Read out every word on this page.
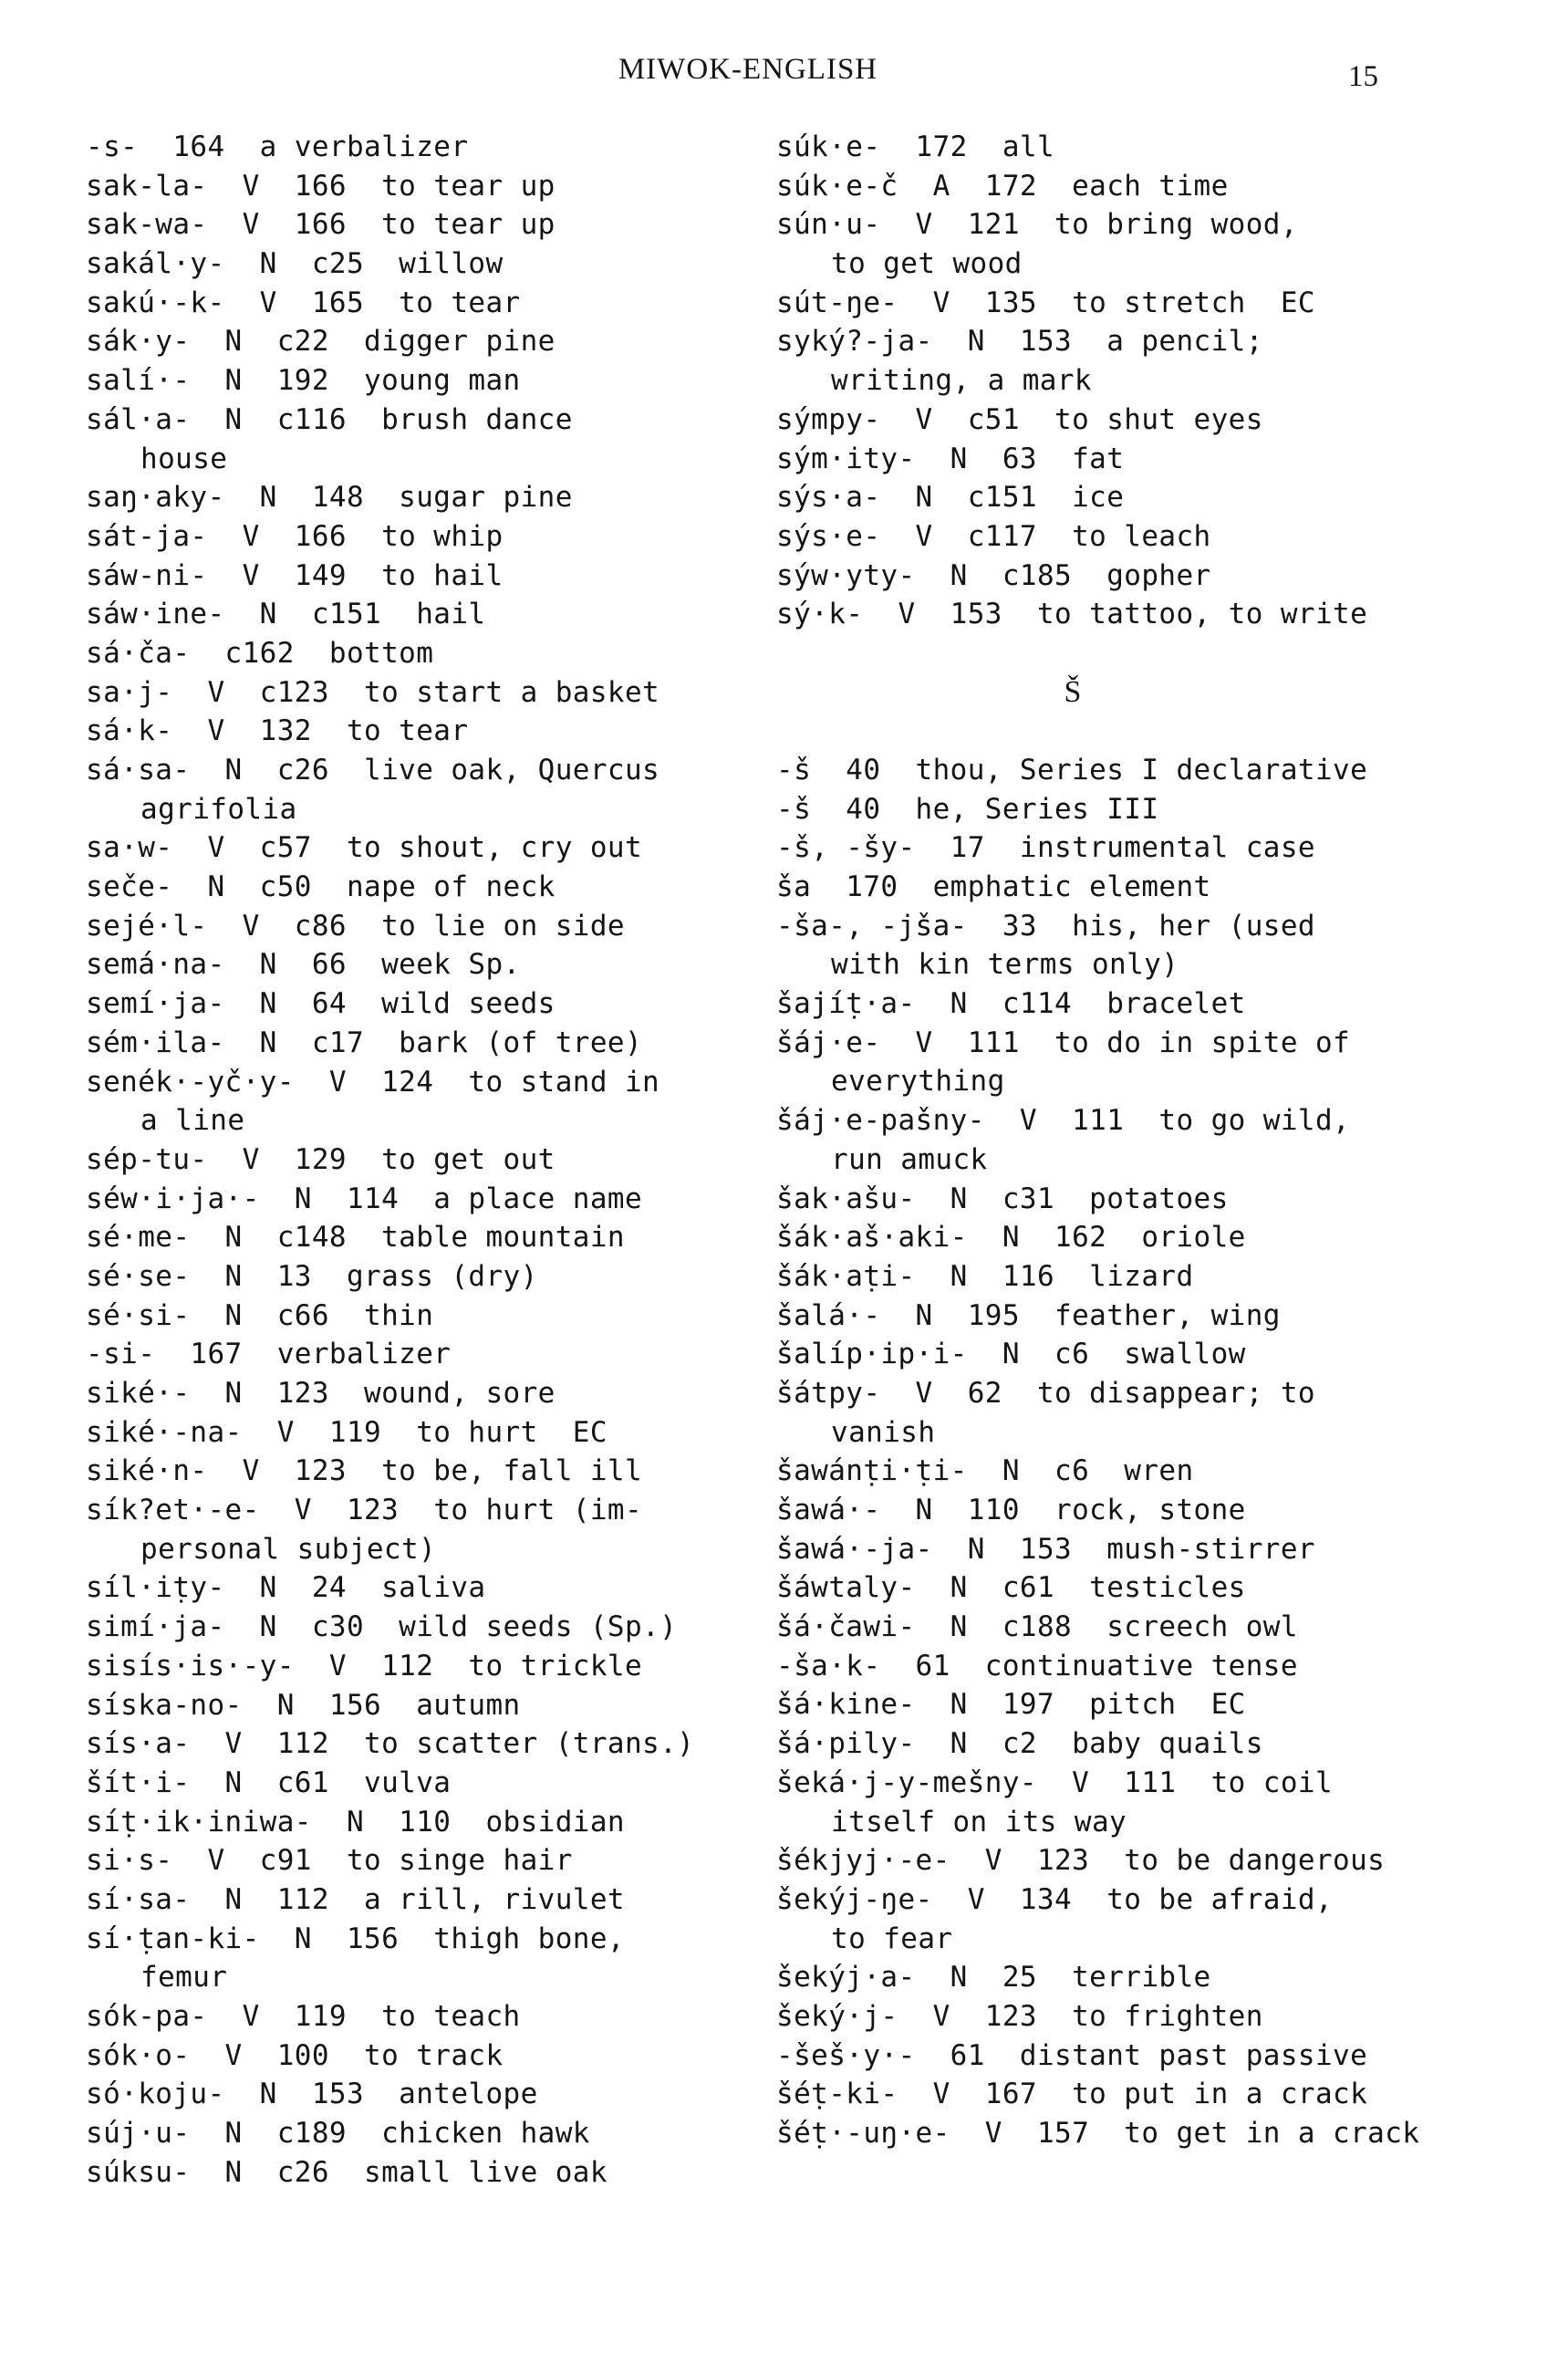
MIWOK-ENGLISH	15
-s-  164  a verbalizer
sak-la-  V  166  to tear up
sak-wa-  V  166  to tear up
sakál·y-  N  c25  willow
sakú·-k-  V  165  to tear
sák·y-  N  c22  digger pine
salí·-  N  192  young man
sál·a-  N  c116  brush dance
house
saŋ·aky-  N  148  sugar pine
sát-ja-  V  166  to whip
sáw-ni-  V  149  to hail
sáw·ine-  N  c151  hail
sá·ča-  c162  bottom
sa·j-  V  c123  to start a basket
sá·k-  V  132  to tear
sá·sa-  N  c26  live oak, Quercus
agrifolia
sa·w-  V  c57  to shout, cry out
seče-  N  c50  nape of neck
sejé·l-  V  c86  to lie on side
semá·na-  N  66  week Sp.
semí·ja-  N  64  wild seeds
sém·ila-  N  c17  bark (of tree)
senék·-yč·y-  V  124  to stand in
a line
sép-tu-  V  129  to get out
séw·i·ja·-  N  114  a place name
sé·me-  N  c148  table mountain
sé·se-  N  13  grass (dry)
sé·si-  N  c66  thin
-si-  167  verbalizer
siké·-  N  123  wound, sore
siké·-na-  V  119  to hurt  EC
siké·n-  V  123  to be, fall ill
sík?et·-e-  V  123  to hurt (im-
personal subject)
síl·iṭy-  N  24  saliva
simí·ja-  N  c30  wild seeds (Sp.)
sisís·is·-y-  V  112  to trickle
síska-no-  N  156  autumn
sís·a-  V  112  to scatter (trans.)
šít·i-  N  c61  vulva
síṭ·ik·iniwa-  N  110  obsidian
si·s-  V  c91  to singe hair
sí·sa-  N  112  a rill, rivulet
sí·ṭan-ki-  N  156  thigh bone,
femur
sók-pa-  V  119  to teach
sók·o-  V  100  to track
só·koju-  N  153  antelope
súj·u-  N  c189  chicken hawk
súksu-  N  c26  small live oak
súk·e-  172  all
súk·e-č  A  172  each time
sún·u-  V  121  to bring wood,
to get wood
sút-ŋe-  V  135  to stretch  EC
syký?-ja-  N  153  a pencil;
writing, a mark
sýmpy-  V  c51  to shut eyes
sým·ity-  N  63  fat
sýs·a-  N  c151  ice
sýs·e-  V  c117  to leach
sýw·yty-  N  c185  gopher
sý·k-  V  153  to tattoo, to write
Š
-š  40  thou, Series I declarative
-š  40  he, Series III
-š, -šy-  17  instrumental case
ša  170  emphatic element
-ša-, -jša-  33  his, her (used
with kin terms only)
šajíṭ·a-  N  c114  bracelet
šáj·e-  V  111  to do in spite of
everything
šáj·e-pašny-  V  111  to go wild,
run amuck
šak·ašu-  N  c31  potatoes
šák·aš·aki-  N  162  oriole
šák·aṭi-  N  116  lizard
šalá·-  N  195  feather, wing
šalíp·ip·i-  N  c6  swallow
šátpy-  V  62  to disappear; to
vanish
šawánṭi·ṭi-  N  c6  wren
šawá·-  N  110  rock, stone
šawá·-ja-  N  153  mush-stirrer
šáwtaly-  N  c61  testicles
šá·čawi-  N  c188  screech owl
-ša·k-  61  continuative tense
šá·kine-  N  197  pitch  EC
šá·pily-  N  c2  baby quails
šeká·j-y-mešny-  V  111  to coil
itself on its way
šékjyj·-e-  V  123  to be dangerous
šekýj-ŋe-  V  134  to be afraid,
to fear
šekýj·a-  N  25  terrible
šeký·j-  V  123  to frighten
-šeš·y·-  61  distant past passive
šéṭ-ki-  V  167  to put in a crack
šéṭ·-uŋ·e-  V  157  to get in a crack
